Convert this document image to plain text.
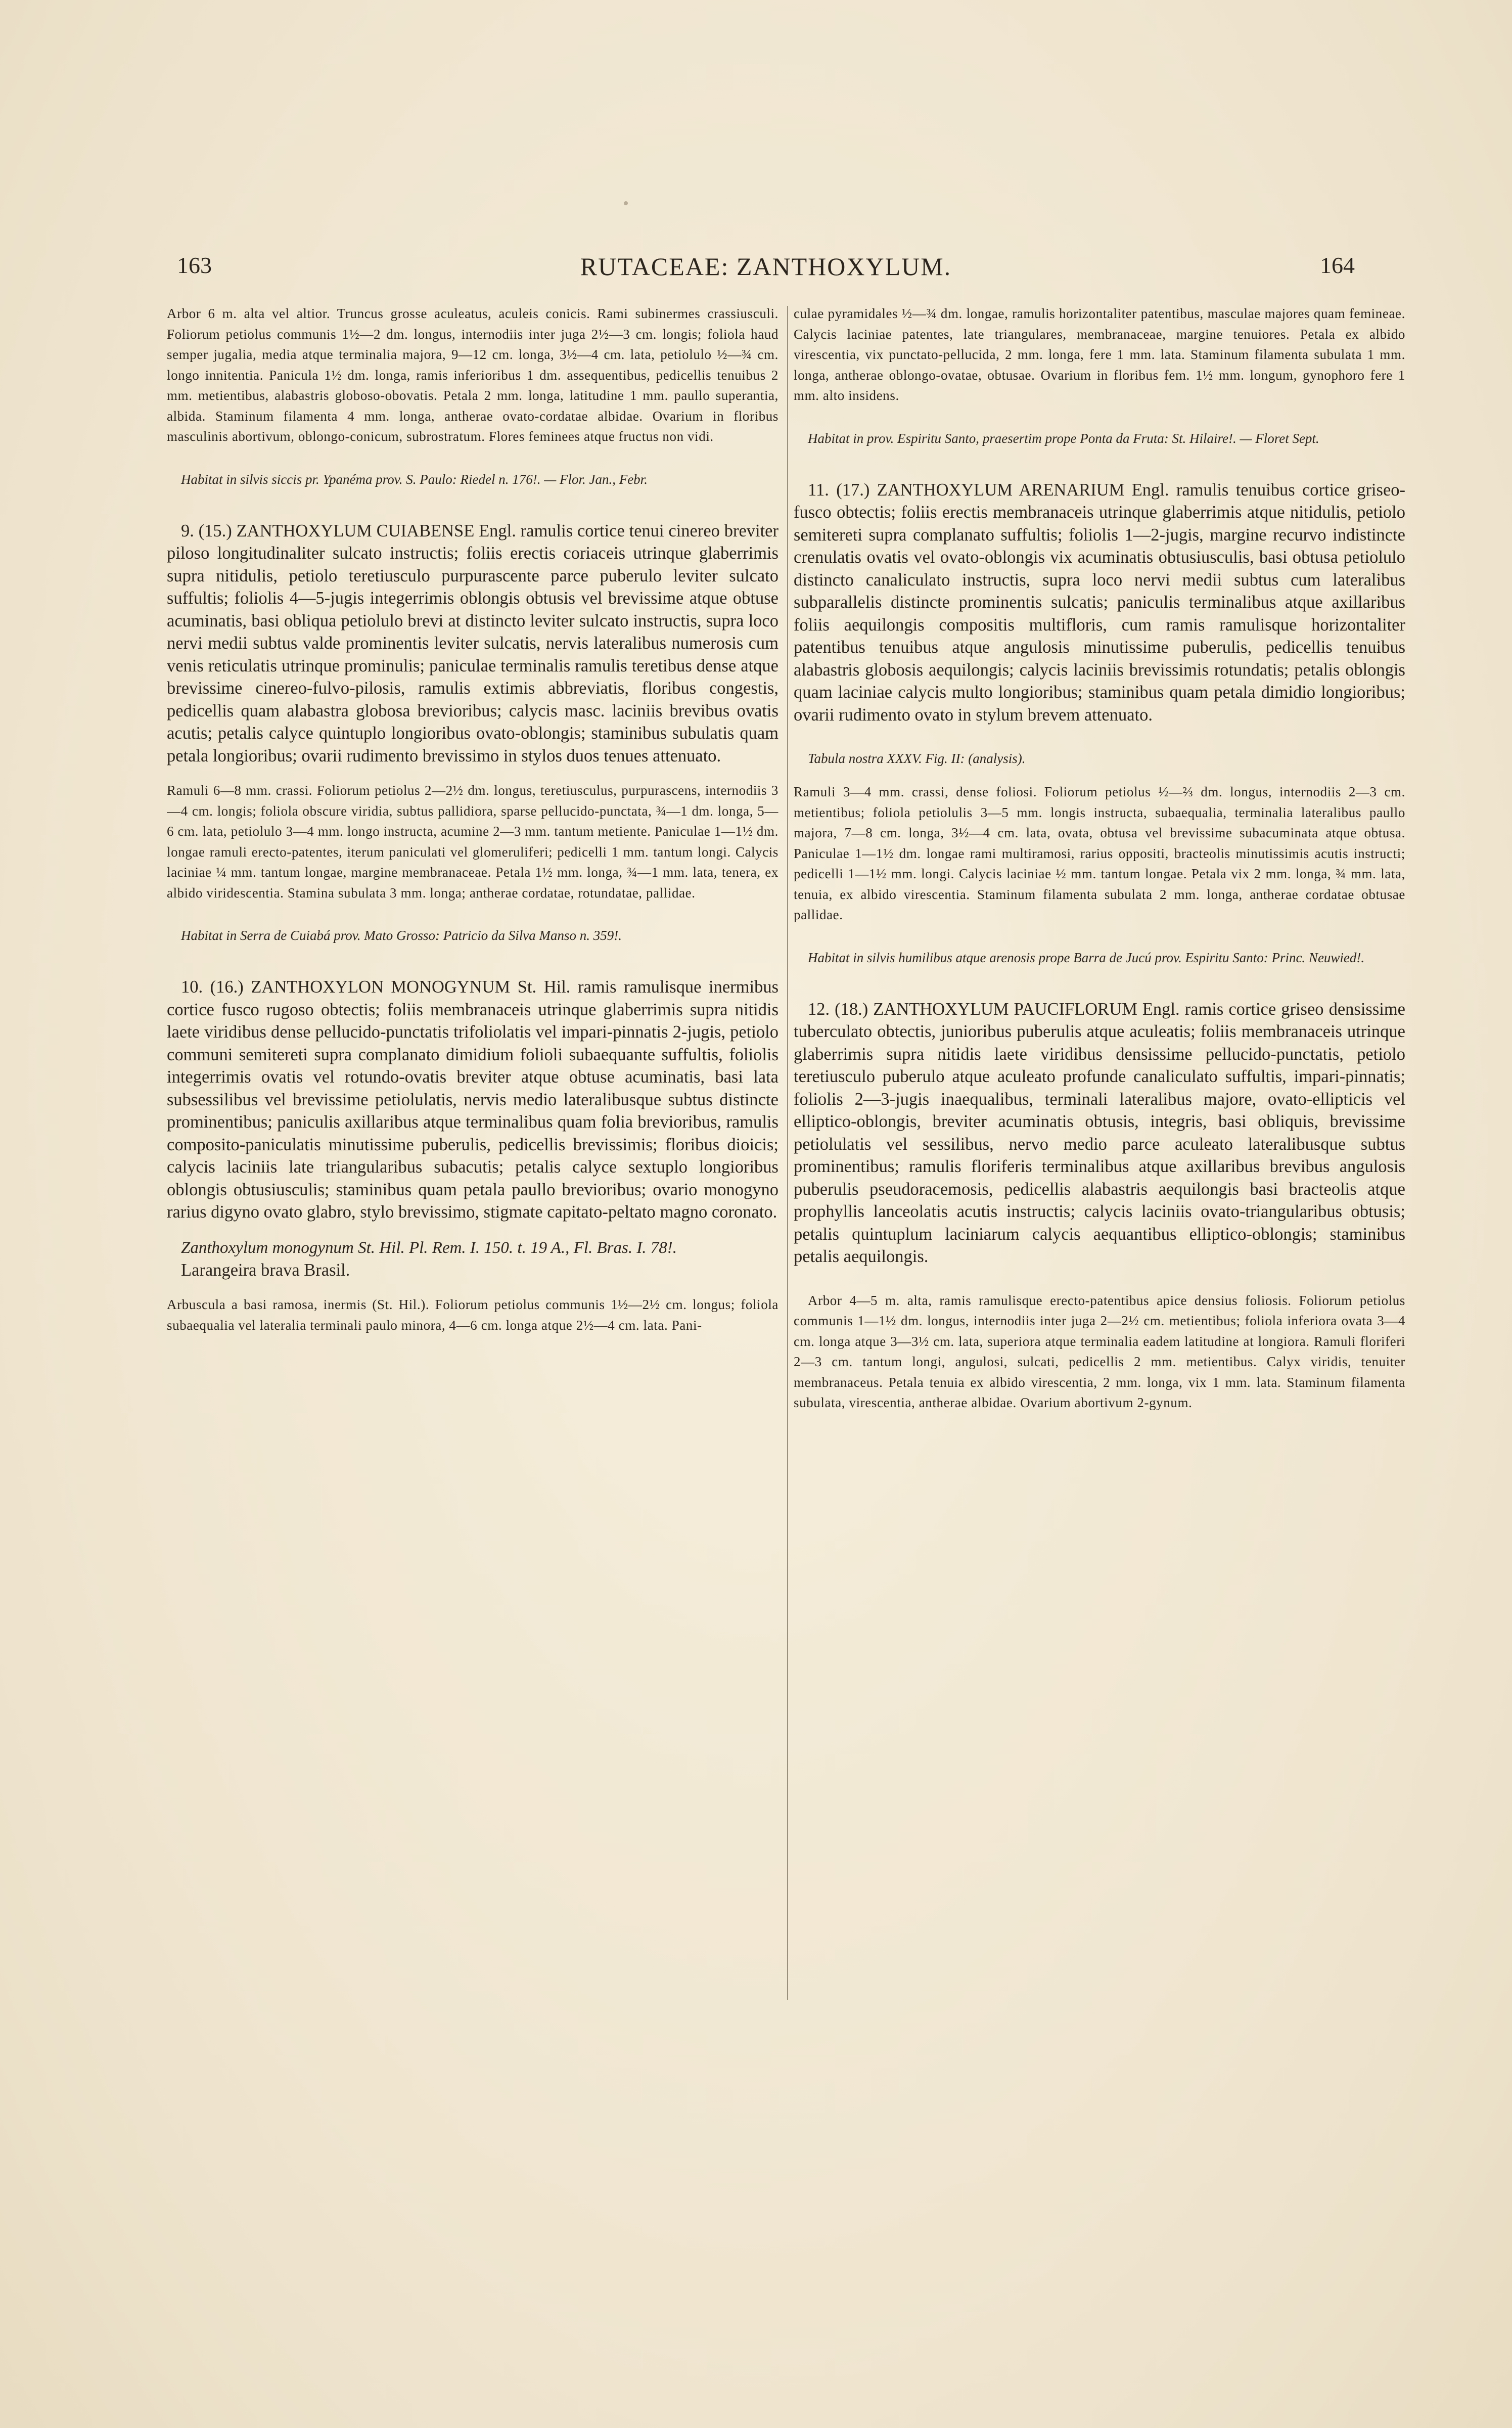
163	RUTACEAE: ZANTHOXYLUM.	164

Arbor 6 m. alta vel altior. Truncus grosse aculeatus, aculeis conicis. Rami subinermes crassiusculi. Foliorum petiolus communis 1½—2 dm. longus, internodiis inter juga 2½—3 cm. longis; foliola haud semper jugalia, media atque terminalia majora, 9—12 cm. longa, 3½—4 cm. lata, petiolulo ½—¾ cm. longo innitentia. Panicula 1½ dm. longa, ramis inferioribus 1 dm. assequentibus, pedicellis tenuibus 2 mm. metientibus, alabastris globoso-obovatis. Petala 2 mm. longa, latitudine 1 mm. paullo superantia, albida. Staminum filamenta 4 mm. longa, antherae ovato-cordatae albidae. Ovarium in floribus masculinis abortivum, oblongo-conicum, subrostratum. Flores feminees atque fructus non vidi.

Habitat in silvis siccis pr. Ypanéma prov. S. Paulo: Riedel n. 176!. — Flor. Jan., Febr.

9. (15.) ZANTHOXYLUM CUIABENSE Engl. ramulis cortice tenui cinereo breviter piloso longitudinaliter sulcato instructis; foliis erectis coriaceis utrinque glaberrimis supra nitidulis, petiolo teretiusculo purpurascente parce puberulo leviter sulcato suffultis; foliolis 4—5-jugis integerrimis oblongis obtusis vel brevissime atque obtuse acuminatis, basi obliqua petiolulo brevi at distincto leviter sulcato instructis, supra loco nervi medii subtus valde prominentis leviter sulcatis, nervis lateralibus numerosis cum venis reticulatis utrinque prominulis; paniculae terminalis ramulis teretibus dense atque brevissime cinereo-fulvo-pilosis, ramulis extimis abbreviatis, floribus congestis, pedicellis quam alabastra globosa brevioribus; calycis masc. laciniis brevibus ovatis acutis; petalis calyce quintuplo longioribus ovato-oblongis; staminibus subulatis quam petala longioribus; ovarii rudimento brevissimo in stylos duos tenues attenuato.

Ramuli 6—8 mm. crassi. Foliorum petiolus 2—2½ dm. longus, teretiusculus, purpurascens, internodiis 3—4 cm. longis; foliola obscure viridia, subtus pallidiora, sparse pellucido-punctata, ¾—1 dm. longa, 5—6 cm. lata, petiolulo 3—4 mm. longo instructa, acumine 2—3 mm. tantum metiente. Paniculae 1—1½ dm. longae ramuli erecto-patentes, iterum paniculati vel glomeruliferi; pedicelli 1 mm. tantum longi. Calycis laciniae ¼ mm. tantum longae, margine membranaceae. Petala 1½ mm. longa, ¾—1 mm. lata, tenera, ex albido viridescentia. Stamina subulata 3 mm. longa; antherae cordatae, rotundatae, pallidae.

Habitat in Serra de Cuiabá prov. Mato Grosso: Patricio da Silva Manso n. 359!.

10. (16.) ZANTHOXYLON MONOGYNUM St. Hil. ramis ramulisque inermibus cortice fusco rugoso obtectis; foliis membranaceis utrinque glaberrimis supra nitidis laete viridibus dense pellucido-punctatis trifoliolatis vel impari-pinnatis 2-jugis, petiolo communi semitereti supra complanato dimidium folioli subaequante suffultis, foliolis integerrimis ovatis vel rotundo-ovatis breviter atque obtuse acuminatis, basi lata subsessilibus vel brevissime petiolulatis, nervis medio lateralibusque subtus distincte prominentibus; paniculis axillaribus atque terminalibus quam folia brevioribus, ramulis composito-paniculatis minutissime puberulis, pedicellis brevissimis; floribus dioicis; calycis laciniis late triangularibus subacutis; petalis calyce sextuplo longioribus oblongis obtusiusculis; staminibus quam petala paullo brevioribus; ovario monogyno rarius digyno ovato glabro, stylo brevissimo, stigmate capitato-peltato magno coronato.

Zanthoxylum monogynum St. Hil. Pl. Rem. I. 150. t. 19 A., Fl. Bras. I. 78!.

Larangeira brava Brasil.

Arbuscula a basi ramosa, inermis (St. Hil.). Foliorum petiolus communis 1½—2½ cm. longus; foliola subaequalia vel lateralia terminali paulo minora, 4—6 cm. longa atque 2½—4 cm. lata. Pani-

culae pyramidales ½—¾ dm. longae, ramulis horizontaliter patentibus, masculae majores quam femineae. Calycis laciniae patentes, late triangulares, membranaceae, margine tenuiores. Petala ex albido virescentia, vix punctato-pellucida, 2 mm. longa, fere 1 mm. lata. Staminum filamenta subulata 1 mm. longa, antherae oblongo-ovatae, obtusae. Ovarium in floribus fem. 1½ mm. longum, gynophoro fere 1 mm. alto insidens.

Habitat in prov. Espiritu Santo, praesertim prope Ponta da Fruta: St. Hilaire!. — Floret Sept.

11. (17.) ZANTHOXYLUM ARENARIUM Engl. ramulis tenuibus cortice griseo-fusco obtectis; foliis erectis membranaceis utrinque glaberrimis atque nitidulis, petiolo semitereti supra complanato suffultis; foliolis 1—2-jugis, margine recurvo indistincte crenulatis ovatis vel ovato-oblongis vix acuminatis obtusiusculis, basi obtusa petiolulo distincto canaliculato instructis, supra loco nervi medii subtus cum lateralibus subparallelis distincte prominentis sulcatis; paniculis terminalibus atque axillaribus foliis aequilongis compositis multifloris, cum ramis ramulisque horizontaliter patentibus tenuibus atque angulosis minutissime puberulis, pedicellis tenuibus alabastris globosis aequilongis; calycis laciniis brevissimis rotundatis; petalis oblongis quam laciniae calycis multo longioribus; staminibus quam petala dimidio longioribus; ovarii rudimento ovato in stylum brevem attenuato.

Tabula nostra XXXV. Fig. II: (analysis).

Ramuli 3—4 mm. crassi, dense foliosi. Foliorum petiolus ½—⅔ dm. longus, internodiis 2—3 cm. metientibus; foliola petiolulis 3—5 mm. longis instructa, subaequalia, terminalia lateralibus paullo majora, 7—8 cm. longa, 3½—4 cm. lata, ovata, obtusa vel brevissime subacuminata atque obtusa. Paniculae 1—1½ dm. longae rami multiramosi, rarius oppositi, bracteolis minutissimis acutis instructi; pedicelli 1—1½ mm. longi. Calycis laciniae ½ mm. tantum longae. Petala vix 2 mm. longa, ¾ mm. lata, tenuia, ex albido virescentia. Staminum filamenta subulata 2 mm. longa, antherae cordatae obtusae pallidae.

Habitat in silvis humilibus atque arenosis prope Barra de Jucú prov. Espiritu Santo: Princ. Neuwied!.

12. (18.) ZANTHOXYLUM PAUCIFLORUM Engl. ramis cortice griseo densissime tuberculato obtectis, junioribus puberulis atque aculeatis; foliis membranaceis utrinque glaberrimis supra nitidis laete viridibus densissime pellucido-punctatis, petiolo teretiusculo puberulo atque aculeato profunde canaliculato suffultis, impari-pinnatis; foliolis 2—3-jugis inaequalibus, terminali lateralibus majore, ovato-ellipticis vel elliptico-oblongis, breviter acuminatis obtusis, integris, basi obliquis, brevissime petiolulatis vel sessilibus, nervo medio parce aculeato lateralibusque subtus prominentibus; ramulis floriferis terminalibus atque axillaribus brevibus angulosis puberulis pseudoracemosis, pedicellis alabastris aequilongis basi bracteolis atque prophyllis lanceolatis acutis instructis; calycis laciniis ovato-triangularibus obtusis; petalis quintuplum laciniarum calycis aequantibus elliptico-oblongis; staminibus petalis aequilongis.

Arbor 4—5 m. alta, ramis ramulisque erecto-patentibus apice densius foliosis. Foliorum petiolus communis 1—1½ dm. longus, internodiis inter juga 2—2½ cm. metientibus; foliola inferiora ovata 3—4 cm. longa atque 3—3½ cm. lata, superiora atque terminalia eadem latitudine at longiora. Ramuli floriferi 2—3 cm. tantum longi, angulosi, sulcati, pedicellis 2 mm. metientibus. Calyx viridis, tenuiter membranaceus. Petala tenuia ex albido virescentia, 2 mm. longa, vix 1 mm. lata. Staminum filamenta subulata, virescentia, antherae albidae. Ovarium abortivum 2-gynum.
